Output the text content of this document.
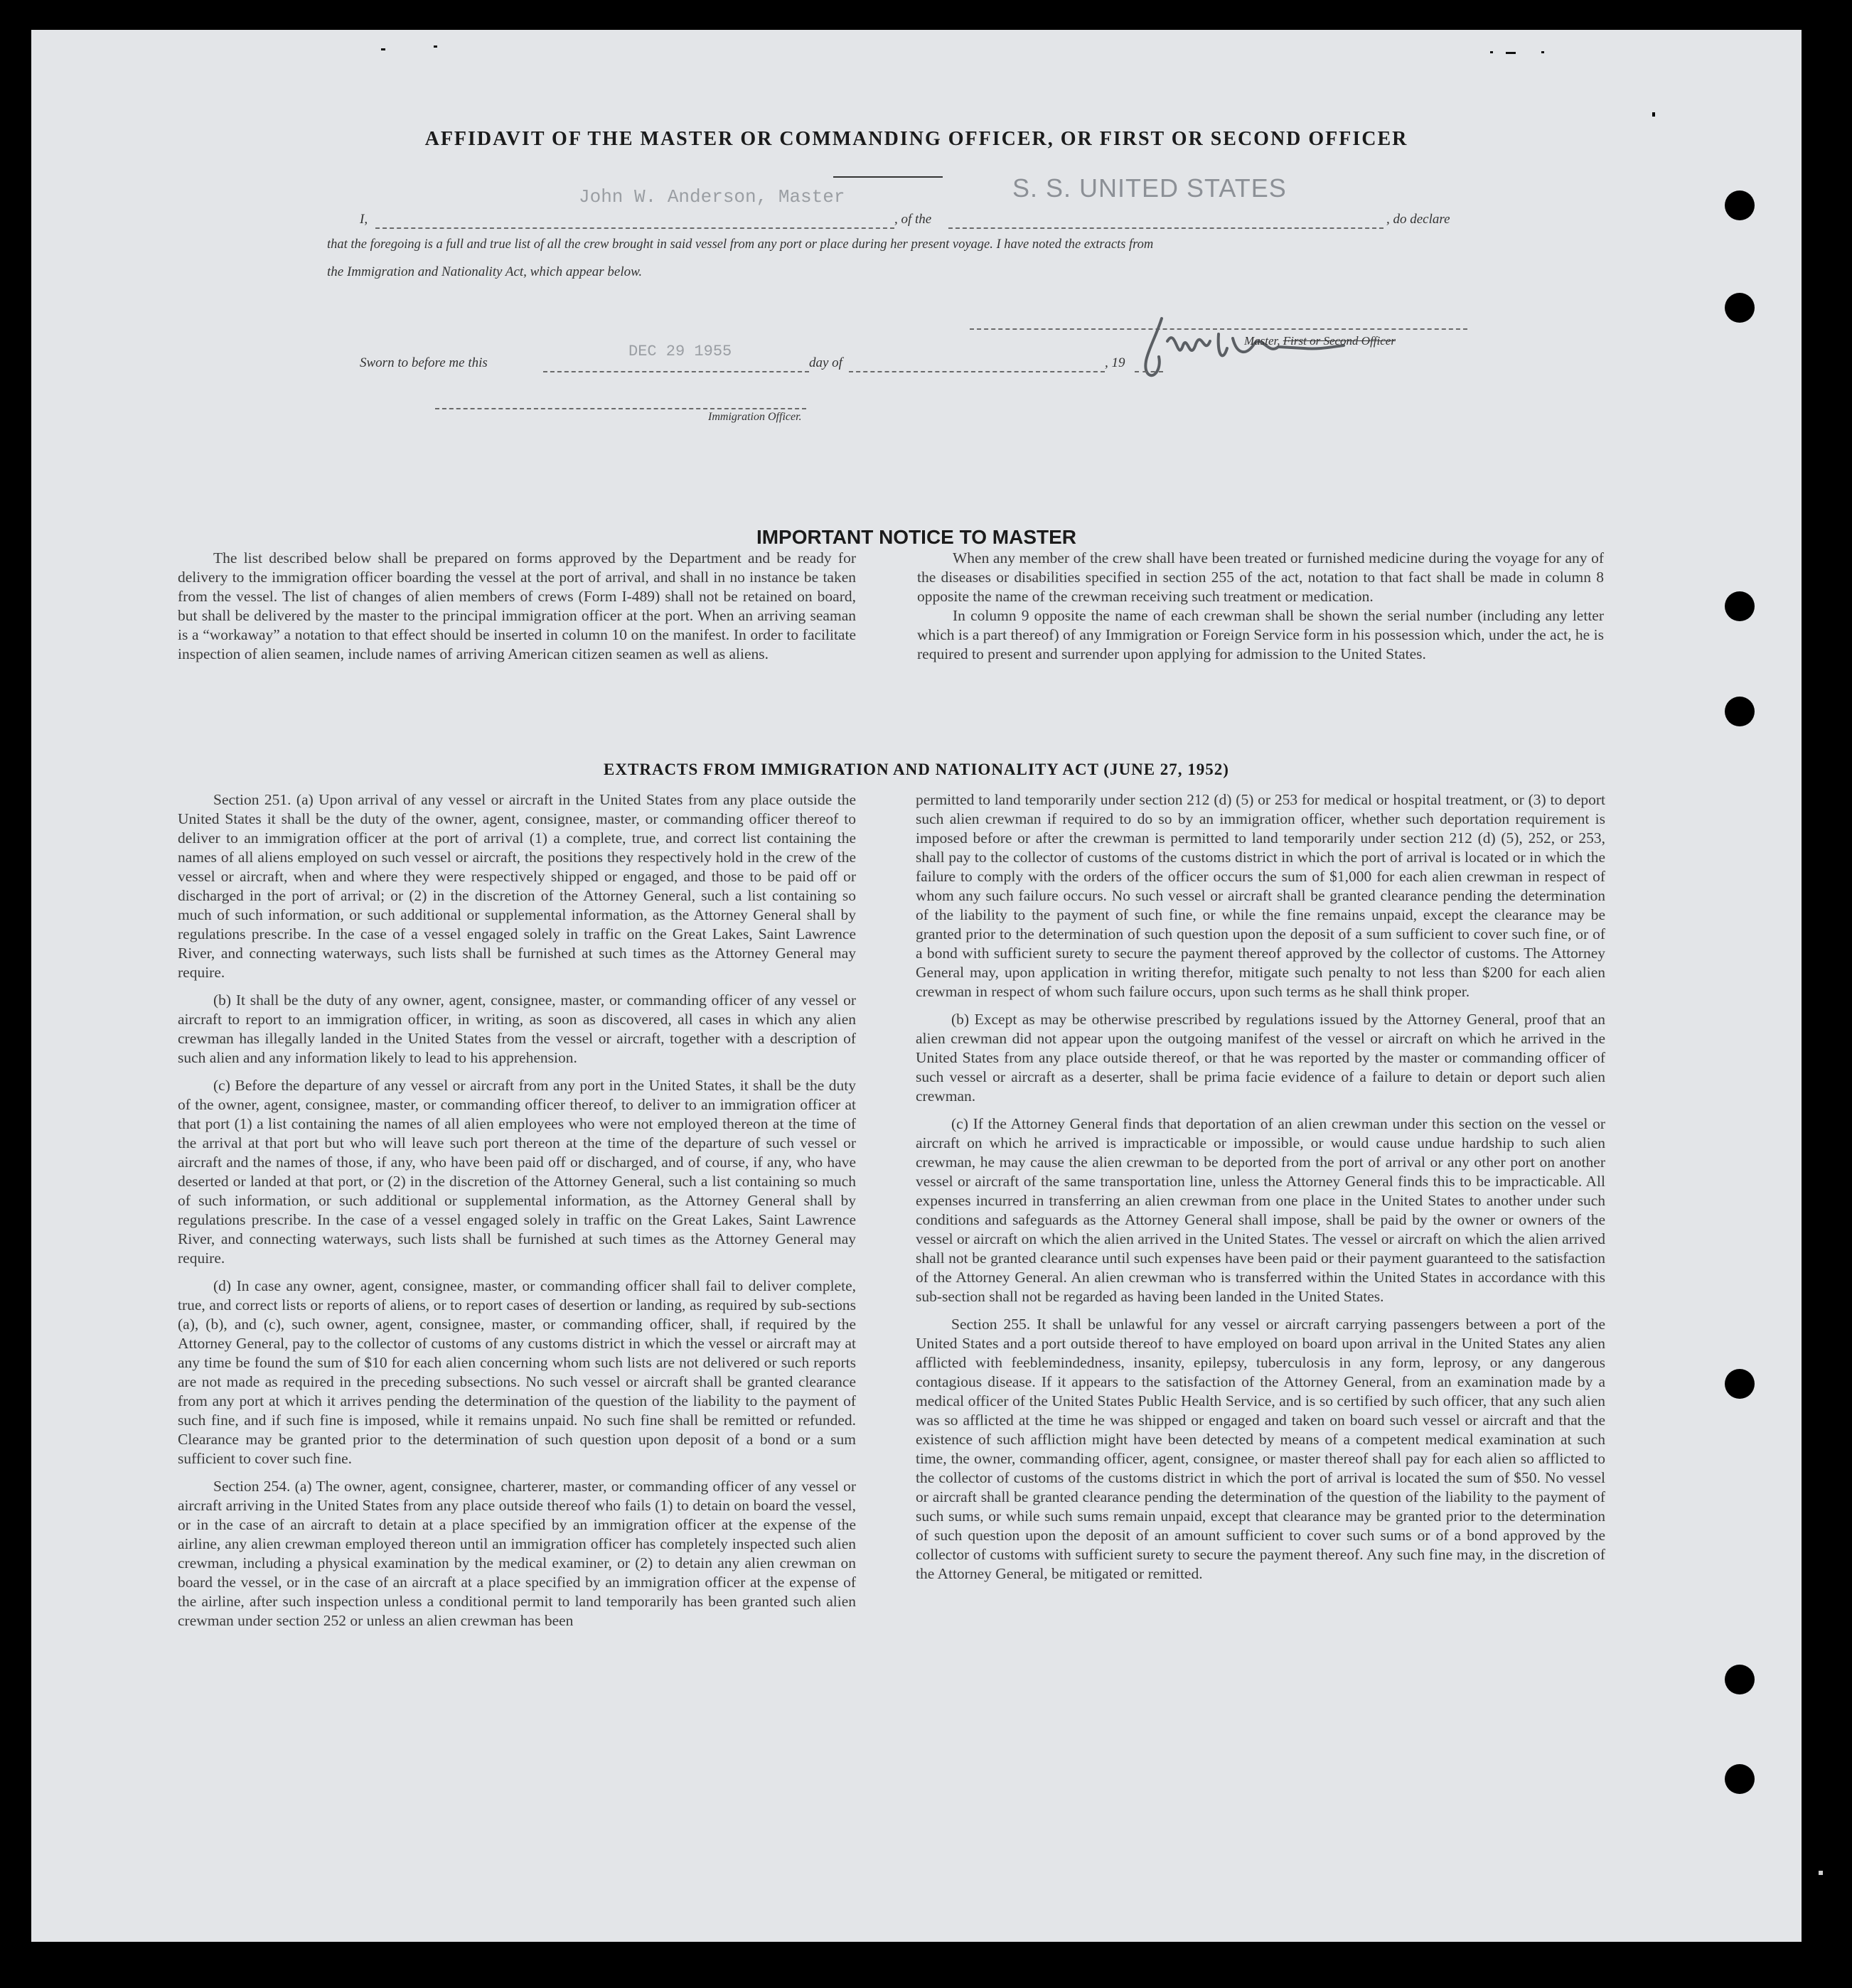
AFFIDAVIT OF THE MASTER OR COMMANDING OFFICER, OR FIRST OR SECOND OFFICER
I,
John W. Anderson, Master
, of the
S. S. UNITED STATES
, do declare
that the foregoing is a full and true list of all the crew brought in said vessel from any port or place during her present voyage. I have noted the extracts from
the Immigration and Nationality Act, which appear below.
Master, First or Second Officer
Sworn to before me this
DEC 29 1955
day of	, 19
Immigration Officer.
IMPORTANT NOTICE TO MASTER

The list described below shall be prepared on forms approved by the Department and be ready for delivery to the immigration officer boarding the vessel at the port of arrival, and shall in no instance be taken from the vessel. The list of changes of alien members of crews (Form I-489) shall not be retained on board, but shall be delivered by the master to the principal immigration officer at the port. When an arriving seaman is a “workaway” a notation to that effect should be inserted in column 10 on the manifest. In order to facilitate inspection of alien seamen, include names of arriving American citizen seamen as well as aliens.

When any member of the crew shall have been treated or furnished medicine during the voyage for any of the diseases or disabilities specified in section 255 of the act, notation to that fact shall be made in column 8 opposite the name of the crewman receiving such treatment or medication.

In column 9 opposite the name of each crewman shall be shown the serial number (including any letter which is a part thereof) of any Immigration or Foreign Service form in his possession which, under the act, he is required to present and surrender upon applying for admission to the United States.

EXTRACTS FROM IMMIGRATION AND NATIONALITY ACT (JUNE 27, 1952)

Section 251. (a) Upon arrival of any vessel or aircraft in the United States from any place outside the United States it shall be the duty of the owner, agent, consignee, master, or commanding officer thereof to deliver to an immigration officer at the port of arrival (1) a complete, true, and correct list containing the names of all aliens employed on such vessel or aircraft, the positions they respectively hold in the crew of the vessel or aircraft, when and where they were respectively shipped or engaged, and those to be paid off or discharged in the port of arrival; or (2) in the discretion of the Attorney General, such a list containing so much of such information, or such additional or supplemental information, as the Attorney General shall by regulations prescribe. In the case of a vessel engaged solely in traffic on the Great Lakes, Saint Lawrence River, and connecting waterways, such lists shall be furnished at such times as the Attorney General may require.

(b) It shall be the duty of any owner, agent, consignee, master, or commanding officer of any vessel or aircraft to report to an immigration officer, in writing, as soon as discovered, all cases in which any alien crewman has illegally landed in the United States from the vessel or aircraft, together with a description of such alien and any information likely to lead to his apprehension.

(c) Before the departure of any vessel or aircraft from any port in the United States, it shall be the duty of the owner, agent, consignee, master, or commanding officer thereof, to deliver to an immigration officer at that port (1) a list containing the names of all alien employees who were not employed thereon at the time of the arrival at that port but who will leave such port thereon at the time of the departure of such vessel or aircraft and the names of those, if any, who have been paid off or discharged, and of course, if any, who have deserted or landed at that port, or (2) in the discretion of the Attorney General, such a list containing so much of such information, or such additional or supplemental information, as the Attorney General shall by regulations prescribe. In the case of a vessel engaged solely in traffic on the Great Lakes, Saint Lawrence River, and connecting waterways, such lists shall be furnished at such times as the Attorney General may require.

(d) In case any owner, agent, consignee, master, or commanding officer shall fail to deliver complete, true, and correct lists or reports of aliens, or to report cases of desertion or landing, as required by sub-sections (a), (b), and (c), such owner, agent, consignee, master, or commanding officer, shall, if required by the Attorney General, pay to the collector of customs of any customs district in which the vessel or aircraft may at any time be found the sum of $10 for each alien concerning whom such lists are not delivered or such reports are not made as required in the preceding subsections. No such vessel or aircraft shall be granted clearance from any port at which it arrives pending the determination of the question of the liability to the payment of such fine, and if such fine is imposed, while it remains unpaid. No such fine shall be remitted or refunded. Clearance may be granted prior to the determination of such question upon deposit of a bond or a sum sufficient to cover such fine.

Section 254. (a) The owner, agent, consignee, charterer, master, or commanding officer of any vessel or aircraft arriving in the United States from any place outside thereof who fails (1) to detain on board the vessel, or in the case of an aircraft to detain at a place specified by an immigration officer at the expense of the airline, any alien crewman employed thereon until an immigration officer has completely inspected such alien crewman, including a physical examination by the medical examiner, or (2) to detain any alien crewman on board the vessel, or in the case of an aircraft at a place specified by an immigration officer at the expense of the airline, after such inspection unless a conditional permit to land temporarily has been granted such alien crewman under section 252 or unless an alien crewman has been

permitted to land temporarily under section 212 (d) (5) or 253 for medical or hospital treatment, or (3) to deport such alien crewman if required to do so by an immigration officer, whether such deportation requirement is imposed before or after the crewman is permitted to land temporarily under section 212 (d) (5), 252, or 253, shall pay to the collector of customs of the customs district in which the port of arrival is located or in which the failure to comply with the orders of the officer occurs the sum of $1,000 for each alien crewman in respect of whom any such failure occurs. No such vessel or aircraft shall be granted clearance pending the determination of the liability to the payment of such fine, or while the fine remains unpaid, except the clearance may be granted prior to the determination of such question upon the deposit of a sum sufficient to cover such fine, or of a bond with sufficient surety to secure the payment thereof approved by the collector of customs. The Attorney General may, upon application in writing therefor, mitigate such penalty to not less than $200 for each alien crewman in respect of whom such failure occurs, upon such terms as he shall think proper.

(b) Except as may be otherwise prescribed by regulations issued by the Attorney General, proof that an alien crewman did not appear upon the outgoing manifest of the vessel or aircraft on which he arrived in the United States from any place outside thereof, or that he was reported by the master or commanding officer of such vessel or aircraft as a deserter, shall be prima facie evidence of a failure to detain or deport such alien crewman.

(c) If the Attorney General finds that deportation of an alien crewman under this section on the vessel or aircraft on which he arrived is impracticable or impossible, or would cause undue hardship to such alien crewman, he may cause the alien crewman to be deported from the port of arrival or any other port on another vessel or aircraft of the same transportation line, unless the Attorney General finds this to be impracticable. All expenses incurred in transferring an alien crewman from one place in the United States to another under such conditions and safeguards as the Attorney General shall impose, shall be paid by the owner or owners of the vessel or aircraft on which the alien arrived in the United States. The vessel or aircraft on which the alien arrived shall not be granted clearance until such expenses have been paid or their payment guaranteed to the satisfaction of the Attorney General. An alien crewman who is transferred within the United States in accordance with this sub-section shall not be regarded as having been landed in the United States.

Section 255. It shall be unlawful for any vessel or aircraft carrying passengers between a port of the United States and a port outside thereof to have employed on board upon arrival in the United States any alien afflicted with feeblemindedness, insanity, epilepsy, tuberculosis in any form, leprosy, or any dangerous contagious disease. If it appears to the satisfaction of the Attorney General, from an examination made by a medical officer of the United States Public Health Service, and is so certified by such officer, that any such alien was so afflicted at the time he was shipped or engaged and taken on board such vessel or aircraft and that the existence of such affliction might have been detected by means of a competent medical examination at such time, the owner, commanding officer, agent, consignee, or master thereof shall pay for each alien so afflicted to the collector of customs of the customs district in which the port of arrival is located the sum of $50. No vessel or aircraft shall be granted clearance pending the determination of the question of the liability to the payment of such sums, or while such sums remain unpaid, except that clearance may be granted prior to the determination of such question upon the deposit of an amount sufficient to cover such sums or of a bond approved by the collector of customs with sufficient surety to secure the payment thereof. Any such fine may, in the discretion of the Attorney General, be mitigated or remitted.
